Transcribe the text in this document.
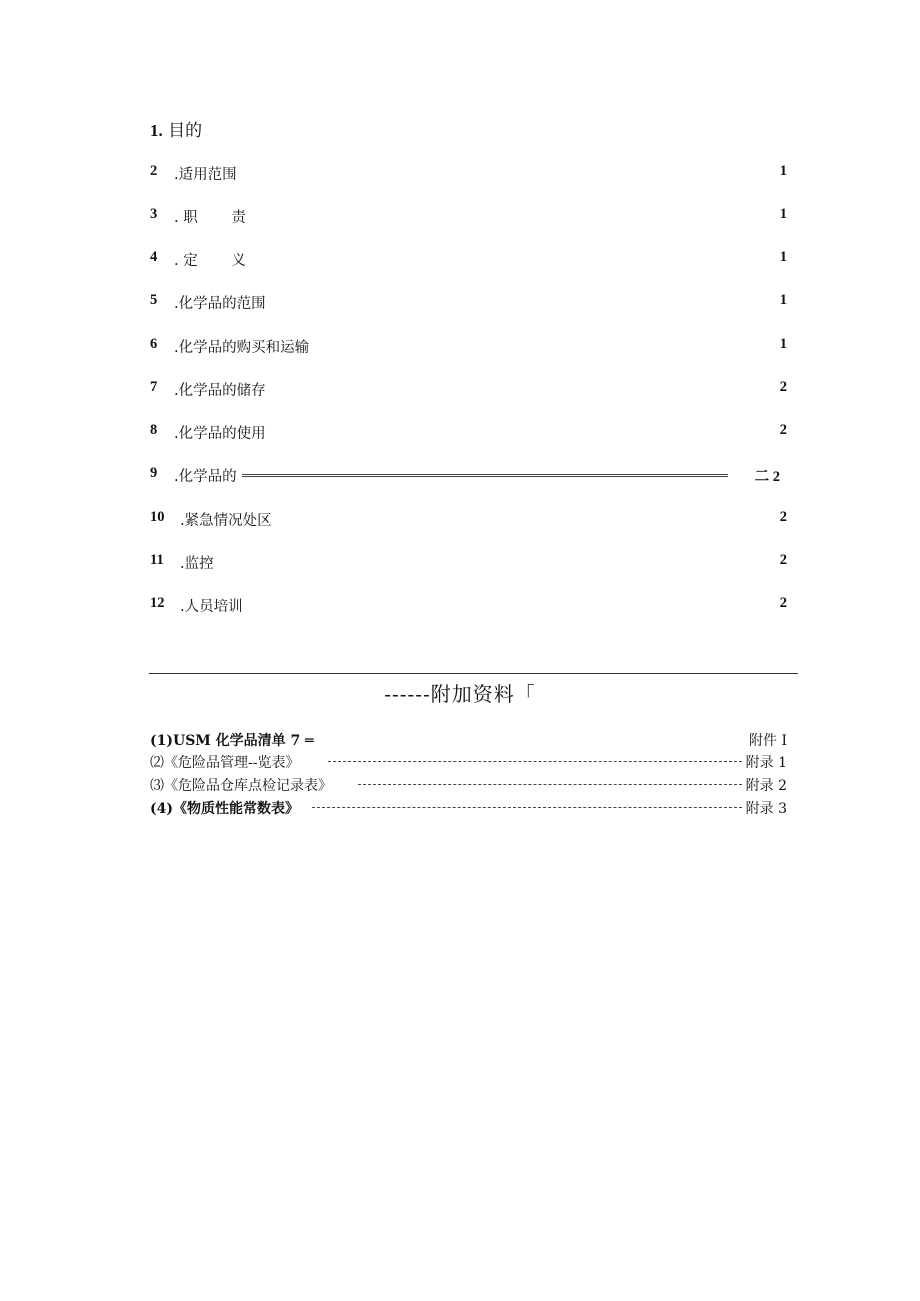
1. 目的
2 .适用范围	1
3 . 职　　 责	1
4 . 定　　 义	1
5 .化学品的范围	1
6 .化学品的购买和运输	1
7 .化学品的储存	2
8 .化学品的使用	2
9 .化学品的	二 2
10 .紧急情况处区	2
11 .监控	2
12 .人员培训	2
------附加资料「
(1)USM 化学品清单 7 ═	附件 I
⑵《危险品管理--览表》	附录 1
⑶《危险品仓库点检记录表》	附录 2
(4)《物质性能常数表》	附录 3
